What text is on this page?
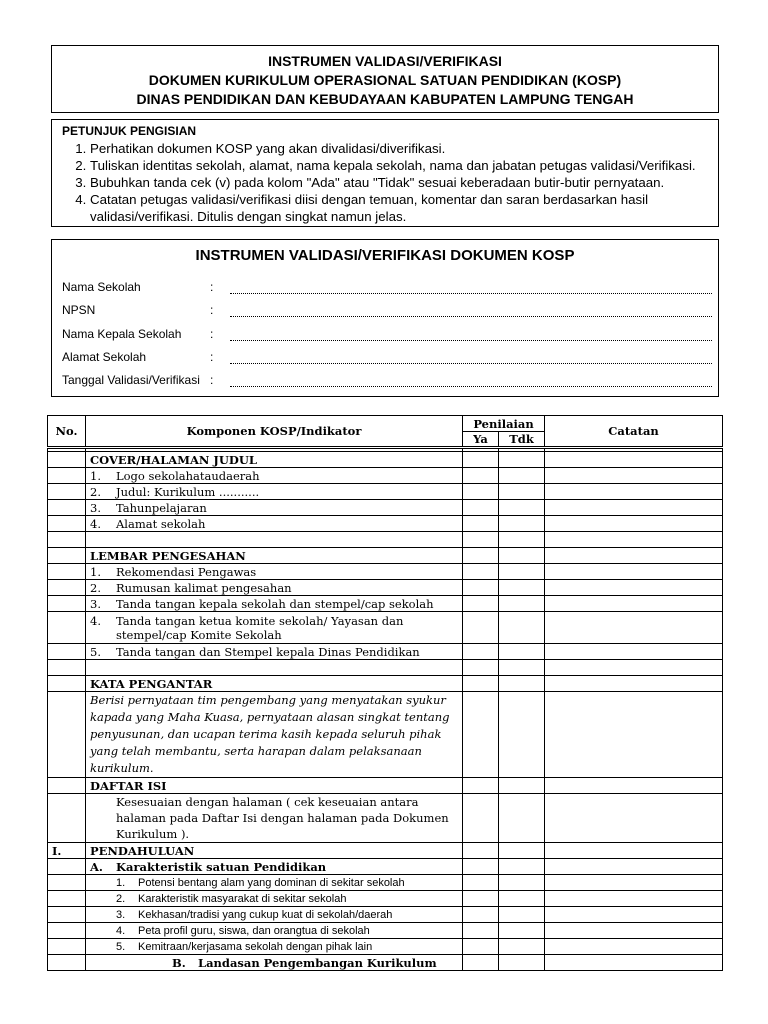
INSTRUMEN VALIDASI/VERIFIKASI
DOKUMEN KURIKULUM OPERASIONAL SATUAN PENDIDIKAN (KOSP)
DINAS PENDIDIKAN DAN KEBUDAYAAN KABUPATEN LAMPUNG TENGAH
PETUNJUK PENGISIAN
1. Perhatikan dokumen KOSP yang akan divalidasi/diverifikasi.
2. Tuliskan identitas sekolah, alamat, nama kepala sekolah, nama dan jabatan petugas validasi/Verifikasi.
3. Bubuhkan tanda cek (v) pada kolom "Ada" atau "Tidak" sesuai keberadaan butir-butir pernyataan.
4. Catatan petugas validasi/verifikasi diisi dengan temuan, komentar dan saran berdasarkan hasil validasi/verifikasi. Ditulis dengan singkat namun jelas.
INSTRUMEN VALIDASI/VERIFIKASI DOKUMEN KOSP
Nama Sekolah	:
NPSN	:
Nama Kepala Sekolah :
Alamat Sekolah	:
Tanggal Validasi/Verifikasi :
No.	Komponen KOSP/Indikator	Penilaian		Catatan
		Ya	Tdk	

	COVER/HALAMAN JUDUL			
	1. Logo sekolahataudaerah			
	2. Judul: Kurikulum ...........			
	3. Tahunpelajaran			
	4. Alamat sekolah			

	LEMBAR PENGESAHAN			
	1. Rekomendasi Pengawas			
	2. Rumusan kalimat pengesahan			
	3. Tanda tangan kepala sekolah dan stempel/cap sekolah			

	4. Tanda tangan ketua komite sekolah/ Yayasan dan stempel/cap Komite Sekolah			

	5. Tanda tangan dan Stempel kepala Dinas Pendidikan			

	KATA PENGANTAR			
	Berisi pernyataan tim pengembang yang menyatakan syukur kapada yang Maha Kuasa, pernyataan alasan singkat tentang penyusunan, dan ucapan terima kasih kepada seluruh pihak yang telah membantu, serta harapan dalam pelaksanaan kurikulum.			
	DAFTAR ISI			
	Kesesuaian dengan halaman ( cek keseuaian antara halaman pada Daftar Isi dengan halaman pada Dokumen Kurikulum ).			
I.	PENDAHULUAN			
	A. Karakteristik satuan Pendidikan			
	1. Potensi bentang alam yang dominan di sekitar sekolah			
	2. Karakteristik masyarakat di sekitar sekolah			
	3. Kekhasan/tradisi yang cukup kuat di sekolah/daerah			
	4. Peta profil guru, siswa, dan orangtua di sekolah			
	5. Kemitraan/kerjasama sekolah dengan pihak lain			
	B. Landasan Pengembangan Kurikulum			
